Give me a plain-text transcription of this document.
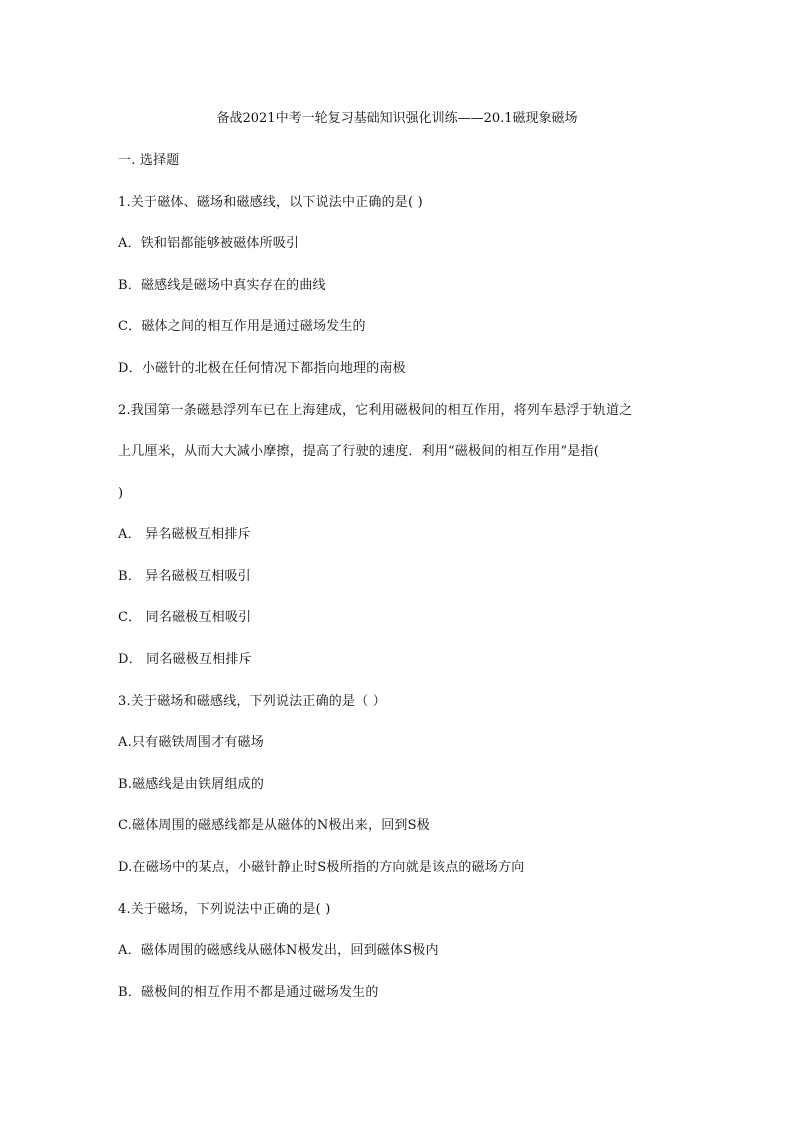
备战2021中考一轮复习基础知识强化训练——20.1磁现象磁场
一. 选择题
1.关于磁体、磁场和磁感线，以下说法中正确的是( )
A．铁和铝都能够被磁体所吸引
B．磁感线是磁场中真实存在的曲线
C．磁体之间的相互作用是通过磁场发生的
D．小磁针的北极在任何情况下都指向地理的南极
2.我国第一条磁悬浮列车已在上海建成，它利用磁极间的相互作用，将列车悬浮于轨道之
上几厘米，从而大大减小摩擦，提高了行驶的速度．利用“磁极间的相互作用”是指(
)
A． 异名磁极互相排斥
B． 异名磁极互相吸引
C． 同名磁极互相吸引
D． 同名磁极互相排斥
3.关于磁场和磁感线，下列说法正确的是（ ）
A.只有磁铁周围才有磁场
B.磁感线是由铁屑组成的
C.磁体周围的磁感线都是从磁体的N极出来，回到S极
D.在磁场中的某点，小磁针静止时S极所指的方向就是该点的磁场方向
4.关于磁场，下列说法中正确的是( )
A．磁体周围的磁感线从磁体N极发出，回到磁体S极内
B．磁极间的相互作用不都是通过磁场发生的
